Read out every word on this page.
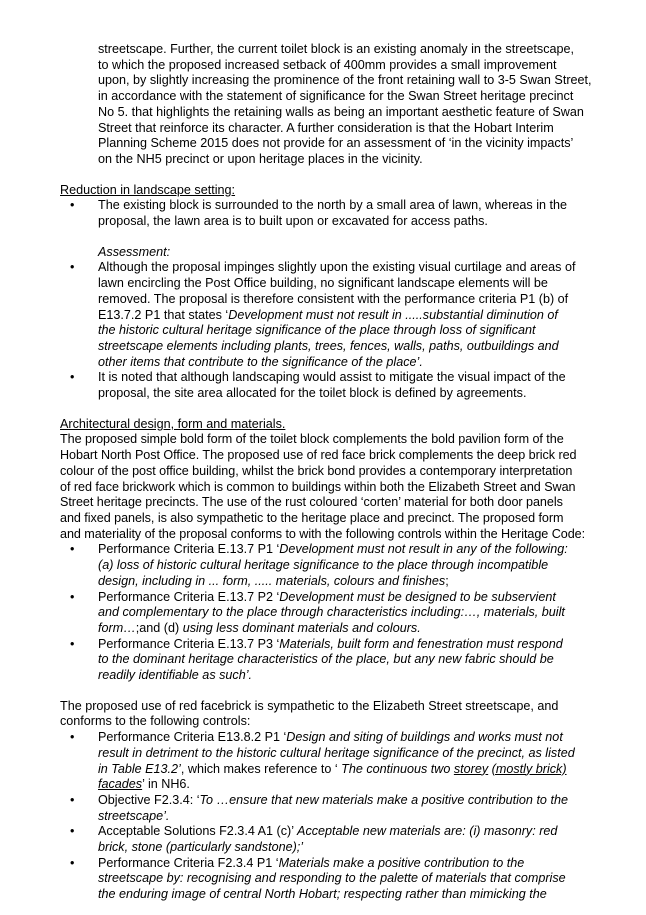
streetscape. Further, the current toilet block is an existing anomaly in the streetscape,

to which the proposed increased setback of 400mm provides a small improvement

upon, by slightly increasing the prominence of the front retaining wall to 3-5 Swan Street,

in accordance with the statement of significance for the Swan Street heritage precinct

No 5. that highlights the retaining walls as being an important aesthetic feature of Swan

Street that reinforce its character. A further consideration is that the Hobart Interim

Planning Scheme 2015 does not provide for an assessment of ‘in the vicinity impacts’

on the NH5 precinct or upon heritage places in the vicinity.

Reduction in landscape setting:

• The existing block is surrounded to the north by a small area of lawn, whereas in the

proposal, the lawn area is to built upon or excavated for access paths.

Assessment:

• Although the proposal impinges slightly upon the existing visual curtilage and areas of

lawn encircling the Post Office building, no significant landscape elements will be

removed. The proposal is therefore consistent with the performance criteria P1 (b) of

E13.7.2 P1 that states ‘Development must not result in .....substantial diminution of

the historic cultural heritage significance of the place through loss of significant

streetscape elements including plants, trees, fences, walls, paths, outbuildings and

other items that contribute to the significance of the place’.

• It is noted that although landscaping would assist to mitigate the visual impact of the

proposal, the site area allocated for the toilet block is defined by agreements.

Architectural design, form and materials.

The proposed simple bold form of the toilet block complements the bold pavilion form of the

Hobart North Post Office. The proposed use of red face brick complements the deep brick red

colour of the post office building, whilst the brick bond provides a contemporary interpretation

of red face brickwork which is common to buildings within both the Elizabeth Street and Swan

Street heritage precincts. The use of the rust coloured ‘corten’ material for both door panels

and fixed panels, is also sympathetic to the heritage place and precinct. The proposed form

and materiality of the proposal conforms to with the following controls within the Heritage Code:

• Performance Criteria E.13.7 P1 ‘Development must not result in any of the following:

(a) loss of historic cultural heritage significance to the place through incompatible

design, including in ... form, ..... materials, colours and finishes;

• Performance Criteria E.13.7 P2 ‘Development must be designed to be subservient

and complementary to the place through characteristics including:…, materials, built

form…;and (d) using less dominant materials and colours.

• Performance Criteria E.13.7 P3 ‘Materials, built form and fenestration must respond

to the dominant heritage characteristics of the place, but any new fabric should be

readily identifiable as such’.

The proposed use of red facebrick is sympathetic to the Elizabeth Street streetscape, and

conforms to the following controls:

• Performance Criteria E13.8.2 P1 ‘Design and siting of buildings and works must not

result in detriment to the historic cultural heritage significance of the precinct, as listed

in Table E13.2’, which makes reference to ‘ The continuous two storey (mostly brick)

facades’ in NH6.

• Objective F2.3.4: ‘To …ensure that new materials make a positive contribution to the

streetscape’.

• Acceptable Solutions F2.3.4 A1 (c)’ Acceptable new materials are: (i) masonry: red

brick, stone (particularly sandstone);’

• Performance Criteria F2.3.4 P1 ‘Materials make a positive contribution to the

streetscape by: recognising and responding to the palette of materials that comprise

the enduring image of central North Hobart; respecting rather than mimicking the
